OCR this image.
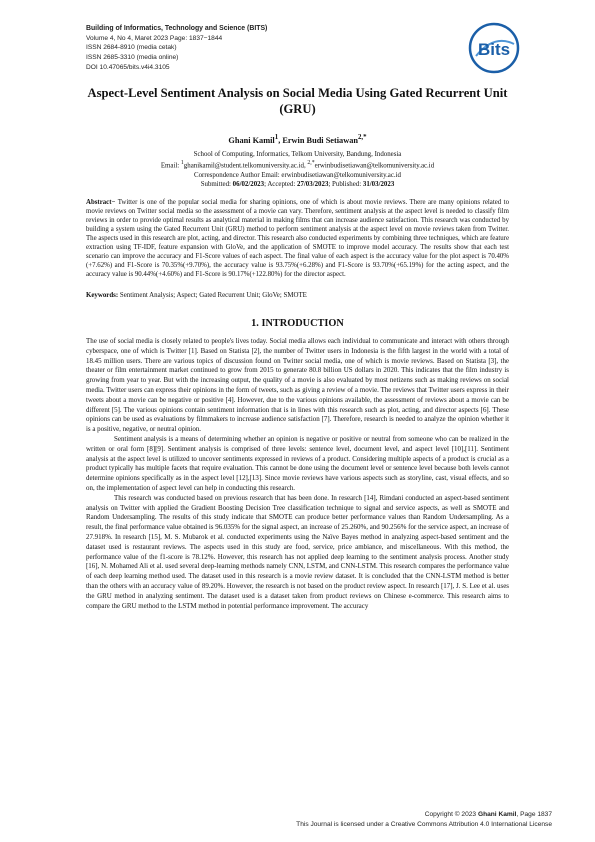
Building of Informatics, Technology and Science (BITS)
Volume 4, No 4, Maret 2023 Page: 1837−1844
ISSN 2684-8910 (media cetak)
ISSN 2685-3310 (media online)
DOI 10.47065/bits.v4i4.3105
Bits
Aspect-Level Sentiment Analysis on Social Media Using Gated Recurrent Unit (GRU)
Ghani Kamil$^1$, Erwin Budi Setiawan$^{2,*}$
School of Computing, Informatics, Telkom University, Bandung, Indonesia
Email: $^1$ghanikamil@student.telkomuniversity.ac.id, $^{2,*}$erwinbudisetiawan@telkomuniversity.ac.id
Correspondence Author Email: erwinbudisetiawan@telkomuniversity.ac.id
Submitted: 06/02/2023; Accepted: 27/03/2023; Published: 31/03/2023
Abstract− Twitter is one of the popular social media for sharing opinions, one of which is about movie reviews. There are many opinions related to movie reviews on Twitter social media so the assessment of a movie can vary. Therefore, sentiment analysis at the aspect level is needed to classify film reviews in order to provide optimal results as analytical material in making films that can increase audience satisfaction. This research was conducted by building a system using the Gated Recurrent Unit (GRU) method to perform sentiment analysis at the aspect level on movie reviews taken from Twitter. The aspects used in this research are plot, acting, and director. This research also conducted experiments by combining three techniques, which are feature extraction using TF-IDF, feature expansion with GloVe, and the application of SMOTE to improve model accuracy. The results show that each test scenario can improve the accuracy and F1-Score values of each aspect. The final value of each aspect is the accuracy value for the plot aspect is 70.40%(+7.62%) and F1-Score is 70.35%(+9.70%), the accuracy value is 93.75%(+6.28%) and F1-Score is 93.70%(+65.19%) for the acting aspect, and the accuracy value is 90.44%(+4.60%) and F1-Score is 90.17%(+122.80%) for the director aspect.
Keywords: Sentiment Analysis; Aspect; Gated Recurrent Unit; GloVe; SMOTE
1. INTRODUCTION

The use of social media is closely related to people's lives today. Social media allows each individual to communicate and interact with others through cyberspace, one of which is Twitter [1]. Based on Statista [2], the number of Twitter users in Indonesia is the fifth largest in the world with a total of 18.45 million users. There are various topics of discussion found on Twitter social media, one of which is movie reviews. Based on Statista [3], the theater or film entertainment market continued to grow from 2015 to generate 80.8 billion US dollars in 2020. This indicates that the film industry is growing from year to year. But with the increasing output, the quality of a movie is also evaluated by most netizens such as making reviews on social media. Twitter users can express their opinions in the form of tweets, such as giving a review of a movie. The reviews that Twitter users express in their tweets about a movie can be negative or positive [4]. However, due to the various opinions available, the assessment of reviews about a movie can be different [5]. The various opinions contain sentiment information that is in lines with this research such as plot, acting, and director aspects [6]. These opinions can be used as evaluations by filmmakers to increase audience satisfaction [7]. Therefore, research is needed to analyze the opinion whether it is a positive, negative, or neutral opinion.

Sentiment analysis is a means of determining whether an opinion is negative or positive or neutral from someone who can be realized in the written or oral form [8][9]. Sentiment analysis is comprised of three levels: sentence level, document level, and aspect level [10],[11]. Sentiment analysis at the aspect level is utilized to uncover sentiments expressed in reviews of a product. Considering multiple aspects of a product is crucial as a product typically has multiple facets that require evaluation. This cannot be done using the document level or sentence level because both levels cannot determine opinions specifically as in the aspect level [12],[13]. Since movie reviews have various aspects such as storyline, cast, visual effects, and so on, the implementation of aspect level can help in conducting this research.

This research was conducted based on previous research that has been done. In research [14], Rimdani conducted an aspect-based sentiment analysis on Twitter with applied the Gradient Boosting Decision Tree classification technique to signal and service aspects, as well as SMOTE and Random Undersampling. The results of this study indicate that SMOTE can produce better performance values than Random Undersampling. As a result, the final performance value obtained is 96.035% for the signal aspect, an increase of 25.260%, and 90.256% for the service aspect, an increase of 27.918%. In research [15], M. S. Mubarok et al. conducted experiments using the Naïve Bayes method in analyzing aspect-based sentiment and the dataset used is restaurant reviews. The aspects used in this study are food, service, price ambiance, and miscellaneous. With this method, the performance value of the f1-score is 78.12%. However, this research has not applied deep learning to the sentiment analysis process. Another study [16], N. Mohamed Ali et al. used several deep-learning methods namely CNN, LSTM, and CNN-LSTM. This research compares the performance value of each deep learning method used. The dataset used in this research is a movie review dataset. It is concluded that the CNN-LSTM method is better than the others with an accuracy value of 89.20%. However, the research is not based on the product review aspect. In research [17], J. S. Lee et al. uses the GRU method in analyzing sentiment. The dataset used is a dataset taken from product reviews on Chinese e-commerce. This research aims to compare the GRU method to the LSTM method in potential performance improvement. The accuracy

Copyright © 2023 Ghani Kamil, Page 1837
This Journal is licensed under a Creative Commons Attribution 4.0 International License
